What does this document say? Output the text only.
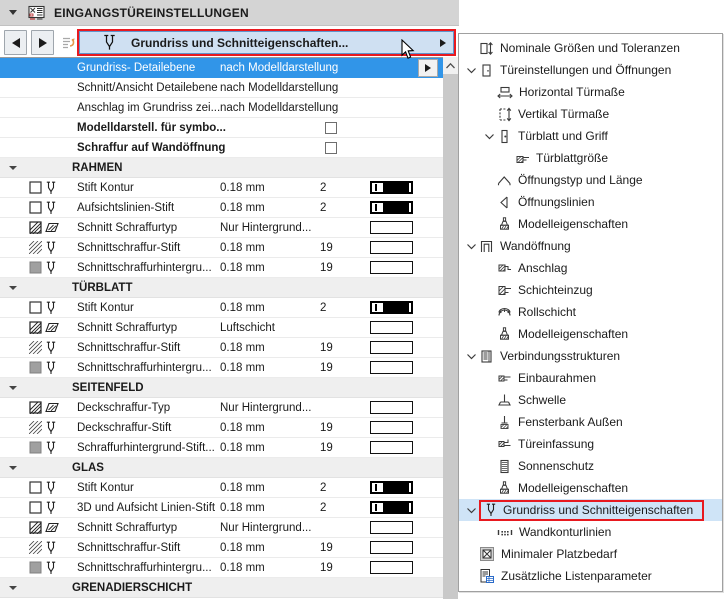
EINGANGSTÜREINSTELLUNGEN
Grundriss und Schnitteigenschaften...
Grundriss- Detailebene	nach Modelldarstellung
Schnitt/Ansicht Detailebene nach Modelldarstellung
Anschlag im Grundriss zei... nach Modelldarstellung
Modelldarstell. für symbo...
Schraffur auf Wandöffnung
RAHMEN
Stift Kontur	0.18 mm	2
Aufsichtslinien-Stift	0.18 mm	2
Schnitt Schraffurtyp	Nur Hintergrund...
Schnittschraffur-Stift	0.18 mm	19
Schnittschraffurhintergru... 0.18 mm	19
TÜRBLATT
Stift Kontur	0.18 mm	2
Schnitt Schraffurtyp	Luftschicht
Schnittschraffur-Stift	0.18 mm	19
Schnittschraffurhintergru... 0.18 mm	19
SEITENFELD
Deckschraffur-Typ	Nur Hintergrund...
Deckschraffur-Stift	0.18 mm	19
Schraffurhintergrund-Stift... 0.18 mm	19
GLAS
Stift Kontur	0.18 mm	2
3D und Aufsicht Linien-Stift 0.18 mm	2
Schnitt Schraffurtyp	Nur Hintergrund...
Schnittschraffur-Stift	0.18 mm	19
Schnittschraffurhintergru... 0.18 mm	19
GRENADIERSCHICHT
Nominale Größen und Toleranzen
Türeinstellungen und Öffnungen
Horizontal Türmaße
Vertikal Türmaße
Türblatt und Griff
Türblattgröße
Öffnungstyp und Länge
Öffnungslinien
Modelleigenschaften
Wandöffnung
Anschlag
Schichteinzug
Rollschicht
Modelleigenschaften
Verbindungsstrukturen
Einbaurahmen
Schwelle
Fensterbank Außen
Türeinfassung
Sonnenschutz
Modelleigenschaften
Grundriss und Schnitteigenschaften
Wandkonturlinien
Minimaler Platzbedarf
Zusätzliche Listenparameter
